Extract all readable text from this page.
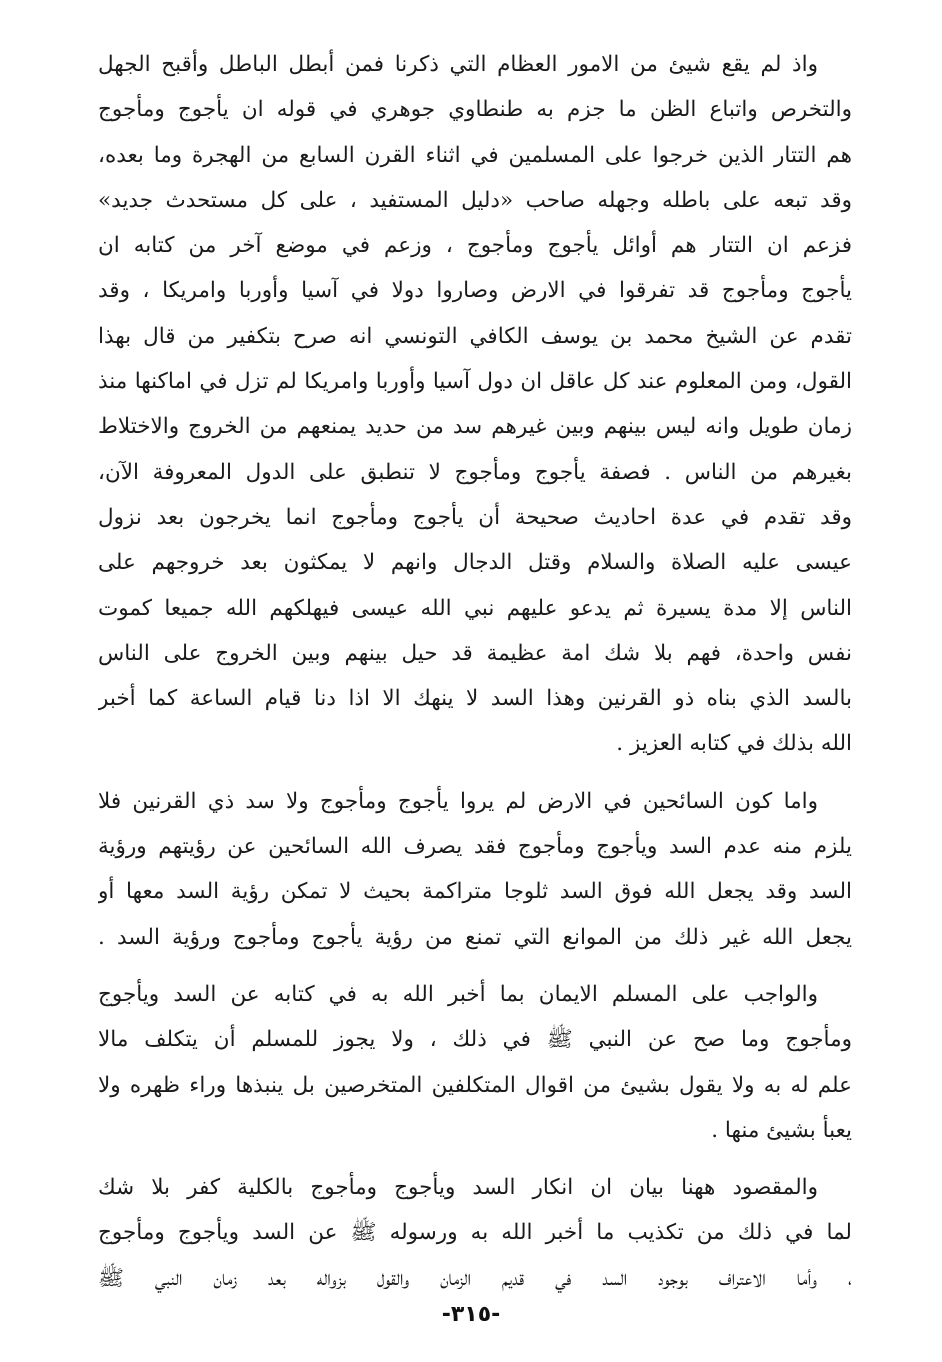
واذ لم يقع شيئ من الامور العظام التي ذكرنا فمن أبطل الباطل وأقبح الجهل
والتخرص واتباع الظن ما جزم به طنطاوي جوهري في قوله ان يأجوج ومأجوج
هم التتار الذين خرجوا على المسلمين في اثناء القرن السابع من الهجرة وما بعده،
وقد تبعه على باطله وجهله صاحب «دليل المستفيد ، على كل مستحدث جديد»
فزعم ان التتار هم أوائل يأجوج ومأجوج ، وزعم في موضع آخر من كتابه ان
يأجوج ومأجوج قد تفرقوا في الارض وصاروا دولا في آسيا وأوربا وامريكا ، وقد
تقدم عن الشيخ محمد بن يوسف الكافي التونسي انه صرح بتكفير من قال بهذا
القول، ومن المعلوم عند كل عاقل ان دول آسيا وأوربا وامريكا لم تزل في اماكنها منذ
زمان طويل وانه ليس بينهم وبين غيرهم سد من حديد يمنعهم من الخروج والاختلاط
بغيرهم من الناس . فصفة يأجوج ومأجوج لا تنطبق على الدول المعروفة الآن،
وقد تقدم في عدة احاديث صحيحة أن يأجوج ومأجوج انما يخرجون بعد نزول
عيسى عليه الصلاة والسلام وقتل الدجال وانهم لا يمكثون بعد خروجهم على
الناس إلا مدة يسيرة ثم يدعو عليهم نبي الله عيسى فيهلكهم الله جميعا كموت
نفس واحدة، فهم بلا شك امة عظيمة قد حيل بينهم وبين الخروج على الناس
بالسد الذي بناه ذو القرنين وهذا السد لا ينهك الا اذا دنا قيام الساعة كما أخبر
الله بذلك في كتابه العزيز .
واما كون السائحين في الارض لم يروا يأجوج ومأجوج ولا سد ذي القرنين فلا
يلزم منه عدم السد ويأجوج ومأجوج فقد يصرف الله السائحين عن رؤيتهم ورؤية
السد وقد يجعل الله فوق السد ثلوجا متراكمة بحيث لا تمكن رؤية السد معها أو
يجعل الله غير ذلك من الموانع التي تمنع من رؤية يأجوج ومأجوج ورؤية السد .
والواجب على المسلم الايمان بما أخبر الله به في كتابه عن السد ويأجوج
ومأجوج وما صح عن النبي ﷺ في ذلك ، ولا يجوز للمسلم أن يتكلف مالا
علم له به ولا يقول بشيئ من اقوال المتكلفين المتخرصين بل ينبذها وراء ظهره ولا
يعبأ بشيئ منها .
والمقصود ههنا بيان ان انكار السد ويأجوج ومأجوج بالكلية كفر بلا شك
لما في ذلك من تكذيب ما أخبر الله به ورسوله ﷺ عن السد ويأجوج ومأجوج
، وأما الاعتراف بوجود السد في قديم الزمان والقول بزواله بعد زمان النبي ﷺ
-٣١٥-
